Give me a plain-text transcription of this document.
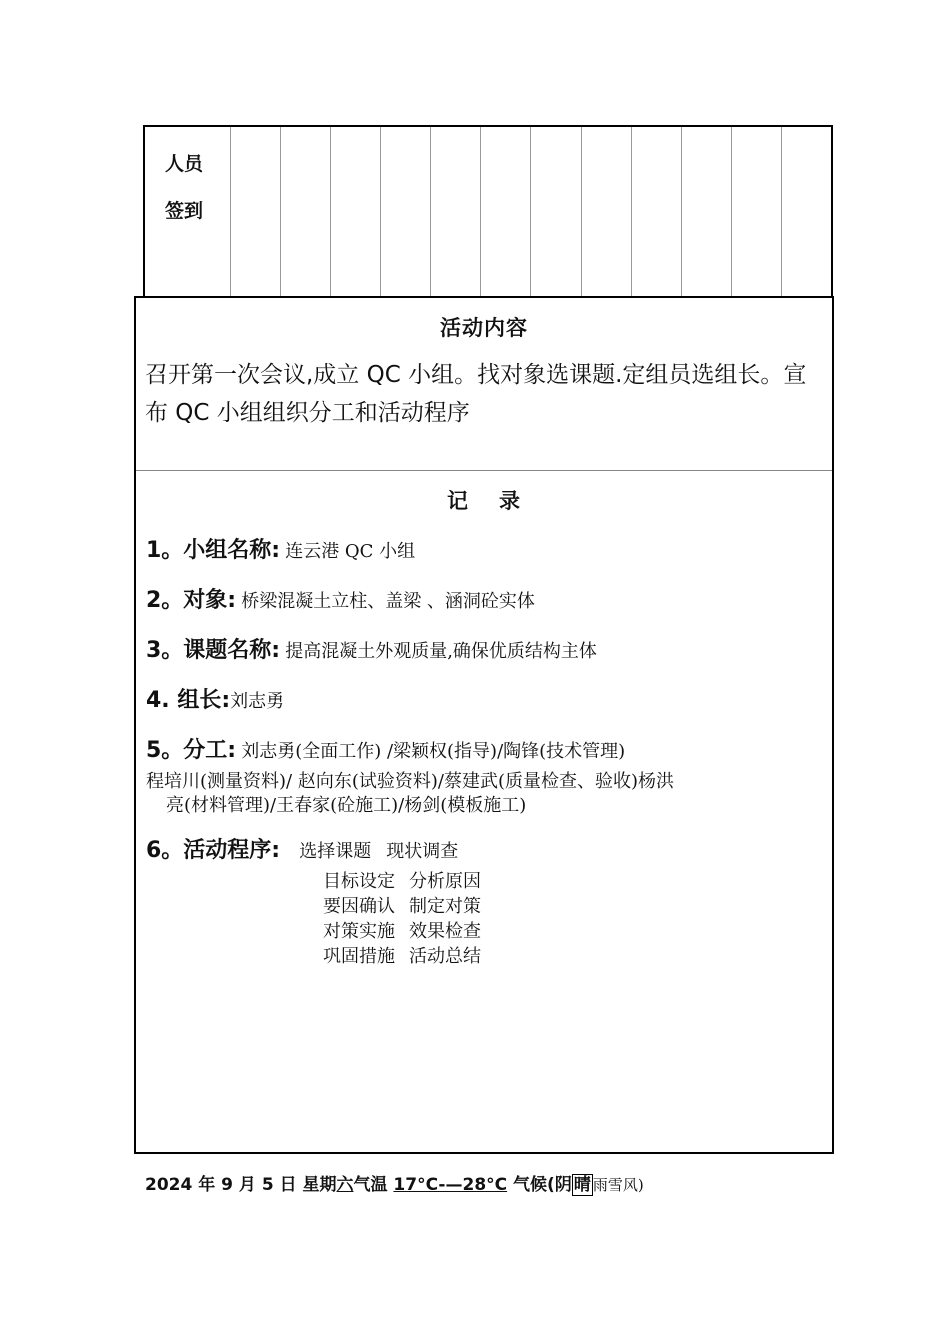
人员
签到
活动内容
召开第一次会议,成立 QC 小组。找对象选课题.定组员选组长。宣布 QC 小组组织分工和活动程序
记 录
1。小组名称: 连云港 QC 小组
2。对象: 桥梁混凝土立柱、盖梁 、涵洞砼实体
3。课题名称: 提高混凝土外观质量,确保优质结构主体
4. 组长:刘志勇
5。分工: 刘志勇(全面工作) /梁颖权(指导)/陶锋(技术管理)
程培川(测量资料)/ 赵向东(试验资料)/蔡建武(质量检查、验收)杨洪
亮(材料管理)/王春家(砼施工)/杨剑(模板施工)
6。活动程序: 选择课题 现状调查
目标设定 分析原因
要因确认 制定对策
对策实施 效果检查
巩固措施 活动总结
2024 年 9 月 5 日 星期六气温 17°C-—28°C 气候(阴 晴 雨雪风)
